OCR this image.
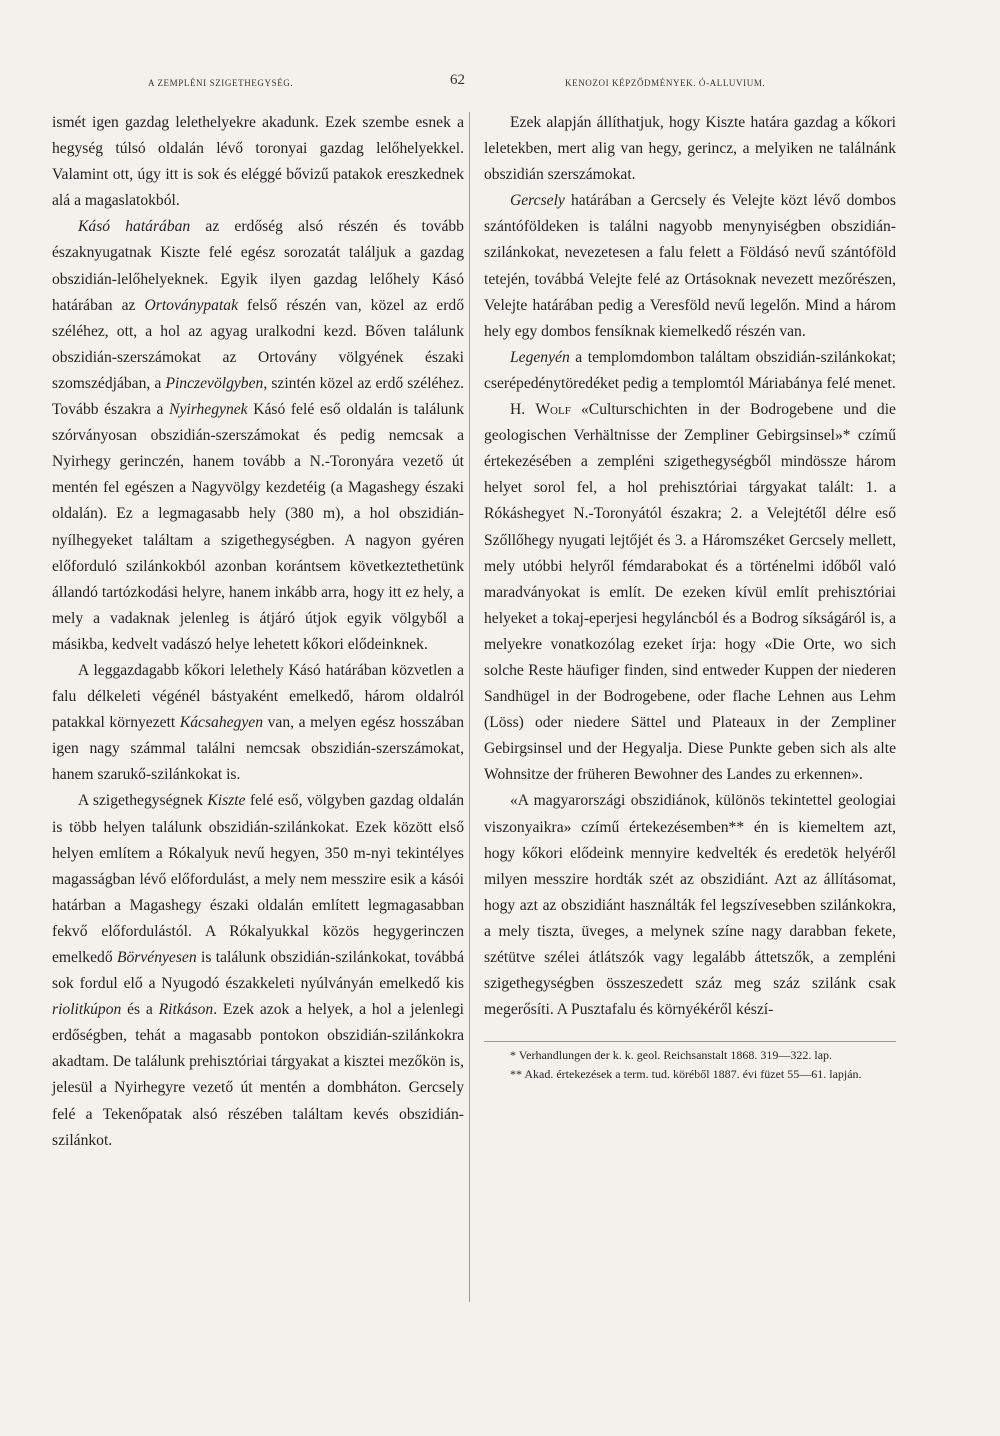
A ZEMPLÉNI SZIGETHEGYSÉG.	62	KENOZOI KÉPZŐDMÉNYEK. Ó-ALLUVIUM.

ismét igen gazdag lelethelyekre akadunk. Ezek szembe esnek a hegység túlsó oldalán lévő toronyai gazdag lelőhelyekkel. Valamint ott, úgy itt is sok és eléggé bővizű patakok ereszkednek alá a magaslatokból.

Kásó határában az erdőség alsó részén és tovább északnyugatnak Kiszte felé egész sorozatát találjuk a gazdag obszidián-lelőhelyeknek. Egyik ilyen gazdag lelőhely Kásó határában az Ortoványpatak felső részén van, közel az erdő széléhez, ott, a hol az agyag uralkodni kezd. Bőven találunk obszidián-szerszámokat az Ortovány völgyének északi szomszédjában, a Pinczevölgyben, szintén közel az erdő széléhez. Tovább északra a Nyirhegynek Kásó felé eső oldalán is találunk szórványosan obszidián-szerszámokat és pedig nemcsak a Nyirhegy gerinczén, hanem tovább a N.-Toronyára vezető út mentén fel egészen a Nagyvölgy kezdetéig (a Magashegy északi oldalán). Ez a legmagasabb hely (380 m), a hol obszidián-nyílhegyeket találtam a szigethegységben. A nagyon gyéren előforduló szilánkokból azonban korántsem következtethetünk állandó tartózkodási helyre, hanem inkább arra, hogy itt ez hely, a mely a vadaknak jelenleg is átjáró útjok egyik völgyből a másikba, kedvelt vadászó helye lehetett kőkori elődeinknek.

A leggazdagabb kőkori lelethely Kásó határában közvetlen a falu délkeleti végénél bástyaként emelkedő, három oldalról patakkal környezett Kácsahegyen van, a melyen egész hosszában igen nagy számmal találni nemcsak obszidián-szerszámokat, hanem szarukő-szilánkokat is.

A szigethegységnek Kiszte felé eső, völgyben gazdag oldalán is több helyen találunk obszidián-szilánkokat. Ezek között első helyen említem a Rókalyuk nevű hegyen, 350 m-nyi tekintélyes magasságban lévő előfordulást, a mely nem messzire esik a kásói határban a Magashegy északi oldalán említett legmagasabban fekvő előfordulástól. A Rókalyukkal közös hegygerinczen emelkedő Börvényesen is találunk obszidián-szilánkokat, továbbá sok fordul elő a Nyugodó északkeleti nyúlványán emelkedő kis riolitkúpon és a Ritkáson. Ezek azok a helyek, a hol a jelenlegi erdőségben, tehát a magasabb pontokon obszidián-szilánkokra akadtam. De találunk prehisztóriai tárgyakat a kisztei mezőkön is, jelesül a Nyirhegyre vezető út mentén a dombháton. Gercsely felé a Tekenőpatak alsó részében találtam kevés obszidián-szilánkot.

Ezek alapján állíthatjuk, hogy Kiszte határa gazdag a kőkori leletekben, mert alig van hegy, gerincz, a melyiken ne találnánk obszidián szerszámokat.

Gercsely határában a Gercsely és Velejte közt lévő dombos szántóföldeken is találni nagyobb menynyiségben obszidián-szilánkokat, nevezetesen a falu felett a Földásó nevű szántóföld tetején, továbbá Velejte felé az Ortásoknak nevezett mezőrészen, Velejte határában pedig a Veresföld nevű legelőn. Mind a három hely egy dombos fensíknak kiemelkedő részén van.

Legenyén a templomdombon találtam obszidián-szilánkokat; cserépedénytöredéket pedig a templomtól Máriabánya felé menet.

H. Wolf «Culturschichten in der Bodrogebene und die geologischen Verhältnisse der Zempliner Gebirgsinsel»* czímű értekezésében a zempléni szigethegységből mindössze három helyet sorol fel, a hol prehisztóriai tárgyakat talált: 1. a Rókáshegyet N.-Toronyától északra; 2. a Velejtétől délre eső Szőllőhegy nyugati lejtőjét és 3. a Háromszéket Gercsely mellett, mely utóbbi helyről fémdarabokat és a történelmi időből való maradványokat is említ. De ezeken kívül említ prehisztóriai helyeket a tokaj-eperjesi hegyláncból és a Bodrog síkságáról is, a melyekre vonatkozólag ezeket írja: hogy «Die Orte, wo sich solche Reste häufiger finden, sind entweder Kuppen der niederen Sandhügel in der Bodrogebene, oder flache Lehnen aus Lehm (Löss) oder niedere Sättel und Plateaux in der Zempliner Gebirgsinsel und der Hegyalja. Diese Punkte geben sich als alte Wohnsitze der früheren Bewohner des Landes zu erkennen».

«A magyarországi obszidiánok, különös tekintettel geologiai viszonyaikra» czímű értekezésemben** én is kiemeltem azt, hogy kőkori elődeink mennyire kedvelték és eredetök helyéről milyen messzire hordták szét az obszidiánt. Azt az állításomat, hogy azt az obszidiánt használták fel legszívesebben szilánkokra, a mely tiszta, üveges, a melynek színe nagy darabban fekete, szétütve szélei átlátszók vagy legalább áttetszők, a zempléni szigethegységben összeszedett száz meg száz szilánk csak megerősíti. A Pusztafalu és környékéről készí-

* Verhandlungen der k. k. geol. Reichsanstalt 1868. 319—322. lap.

** Akad. értekezések a term. tud. köréből 1887. évi füzet 55—61. lapján.
